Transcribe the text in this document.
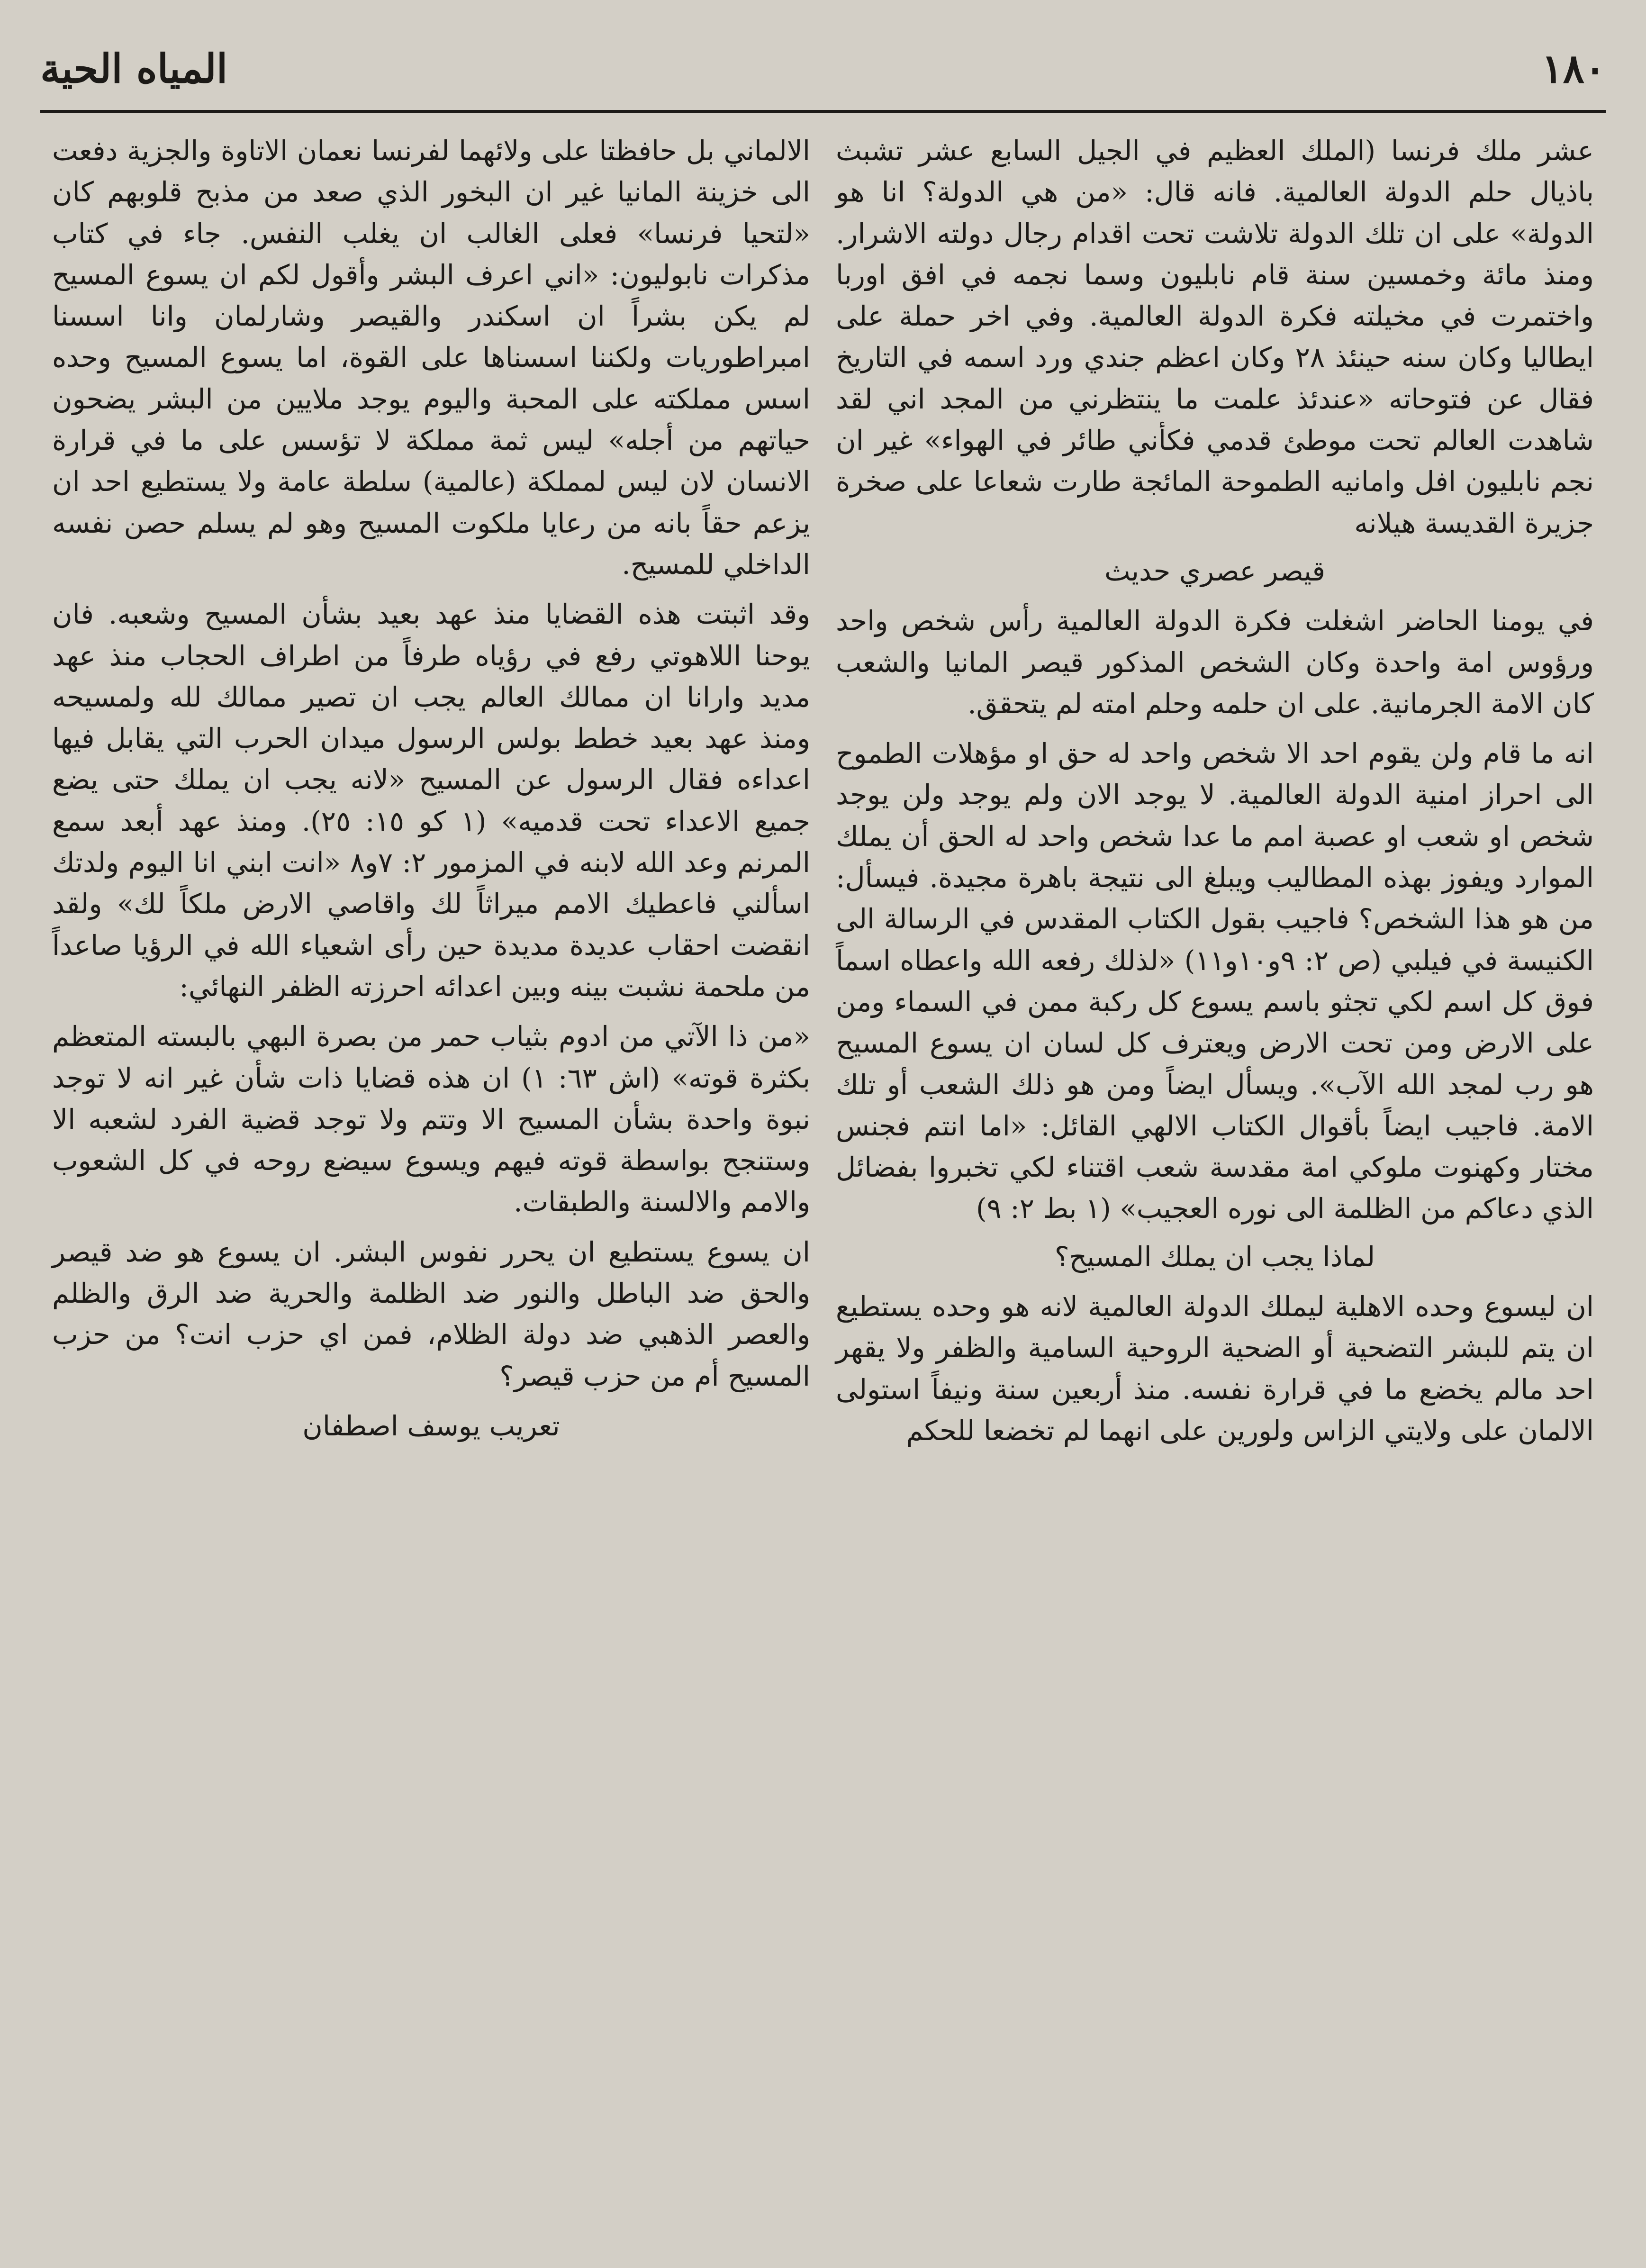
١٨٠
المياه الحية

عشر ملك فرنسا (الملك العظيم في الجيل السابع عشر تشبث باذيال حلم الدولة العالمية. فانه قال: «من هي الدولة؟ انا هو الدولة» على ان تلك الدولة تلاشت تحت اقدام رجال دولته الاشرار. ومنذ مائة وخمسين سنة قام نابليون وسما نجمه في افق اوربا واختمرت في مخيلته فكرة الدولة العالمية. وفي اخر حملة على ايطاليا وكان سنه حينئذ ٢٨ وكان اعظم جندي ورد اسمه في التاريخ فقال عن فتوحاته «عندئذ علمت ما ينتظرني من المجد اني لقد شاهدت العالم تحت موطئ قدمي فكأني طائر في الهواء» غير ان نجم نابليون افل وامانيه الطموحة المائجة طارت شعاعا على صخرة جزيرة القديسة هيلانه

قيصر عصري حديث

في يومنا الحاضر اشغلت فكرة الدولة العالمية رأس شخص واحد ورؤوس امة واحدة وكان الشخص المذكور قيصر المانيا والشعب كان الامة الجرمانية. على ان حلمه وحلم امته لم يتحقق.

انه ما قام ولن يقوم احد الا شخص واحد له حق او مؤهلات الطموح الى احراز امنية الدولة العالمية. لا يوجد الان ولم يوجد ولن يوجد شخص او شعب او عصبة امم ما عدا شخص واحد له الحق أن يملك الموارد ويفوز بهذه المطاليب ويبلغ الى نتيجة باهرة مجيدة. فيسأل: من هو هذا الشخص؟ فاجيب بقول الكتاب المقدس في الرسالة الى الكنيسة في فيلبي (ص ٢: ٩و١٠و١١) «لذلك رفعه الله واعطاه اسماً فوق كل اسم لكي تجثو باسم يسوع كل ركبة ممن في السماء ومن على الارض ومن تحت الارض ويعترف كل لسان ان يسوع المسيح هو رب لمجد الله الآب». ويسأل ايضاً ومن هو ذلك الشعب أو تلك الامة. فاجيب ايضاً بأقوال الكتاب الالهي القائل: «اما انتم فجنس مختار وكهنوت ملوكي امة مقدسة شعب اقتناء لكي تخبروا بفضائل الذي دعاكم من الظلمة الى نوره العجيب» (١ بط ٢: ٩)

لماذا يجب ان يملك المسيح؟

ان ليسوع وحده الاهلية ليملك الدولة العالمية لانه هو وحده يستطيع ان يتم للبشر التضحية أو الضحية الروحية السامية والظفر ولا يقهر احد مالم يخضع ما في قرارة نفسه. منذ أربعين سنة ونيفاً استولى الالمان على ولايتي الزاس ولورين على انهما لم تخضعا للحكم

الالماني بل حافظتا على ولائهما لفرنسا نعمان الاتاوة والجزية دفعت الى خزينة المانيا غير ان البخور الذي صعد من مذبح قلوبهم كان «لتحيا فرنسا» فعلى الغالب ان يغلب النفس. جاء في كتاب مذكرات نابوليون: «اني اعرف البشر وأقول لكم ان يسوع المسيح لم يكن بشراً ان اسكندر والقيصر وشارلمان وانا اسسنا امبراطوريات ولكننا اسسناها على القوة، اما يسوع المسيح وحده اسس مملكته على المحبة واليوم يوجد ملايين من البشر يضحون حياتهم من أجله» ليس ثمة مملكة لا تؤسس على ما في قرارة الانسان لان ليس لمملكة (عالمية) سلطة عامة ولا يستطيع احد ان يزعم حقاً بانه من رعايا ملكوت المسيح وهو لم يسلم حصن نفسه الداخلي للمسيح.

وقد اثبتت هذه القضايا منذ عهد بعيد بشأن المسيح وشعبه. فان يوحنا اللاهوتي رفع في رؤياه طرفاً من اطراف الحجاب منذ عهد مديد وارانا ان ممالك العالم يجب ان تصير ممالك لله ولمسيحه ومنذ عهد بعيد خطط بولس الرسول ميدان الحرب التي يقابل فيها اعداءه فقال الرسول عن المسيح «لانه يجب ان يملك حتى يضع جميع الاعداء تحت قدميه» (١ كو ١٥: ٢٥). ومنذ عهد أبعد سمع المرنم وعد الله لابنه في المزمور ٢: ٧و٨ «انت ابني انا اليوم ولدتك اسألني فاعطيك الامم ميراثاً لك واقاصي الارض ملكاً لك» ولقد انقضت احقاب عديدة مديدة حين رأى اشعياء الله في الرؤيا صاعداً من ملحمة نشبت بينه وبين اعدائه احرزته الظفر النهائي:

«من ذا الآتي من ادوم بثياب حمر من بصرة البهي بالبسته المتعظم بكثرة قوته» (اش ٦٣: ١) ان هذه قضايا ذات شأن غير انه لا توجد نبوة واحدة بشأن المسيح الا وتتم ولا توجد قضية الفرد لشعبه الا وستنجح بواسطة قوته فيهم ويسوع سيضع روحه في كل الشعوب والامم والالسنة والطبقات.

ان يسوع يستطيع ان يحرر نفوس البشر. ان يسوع هو ضد قيصر والحق ضد الباطل والنور ضد الظلمة والحرية ضد الرق والظلم والعصر الذهبي ضد دولة الظلام، فمن اي حزب انت؟ من حزب المسيح أم من حزب قيصر؟

تعريب يوسف اصطفان
